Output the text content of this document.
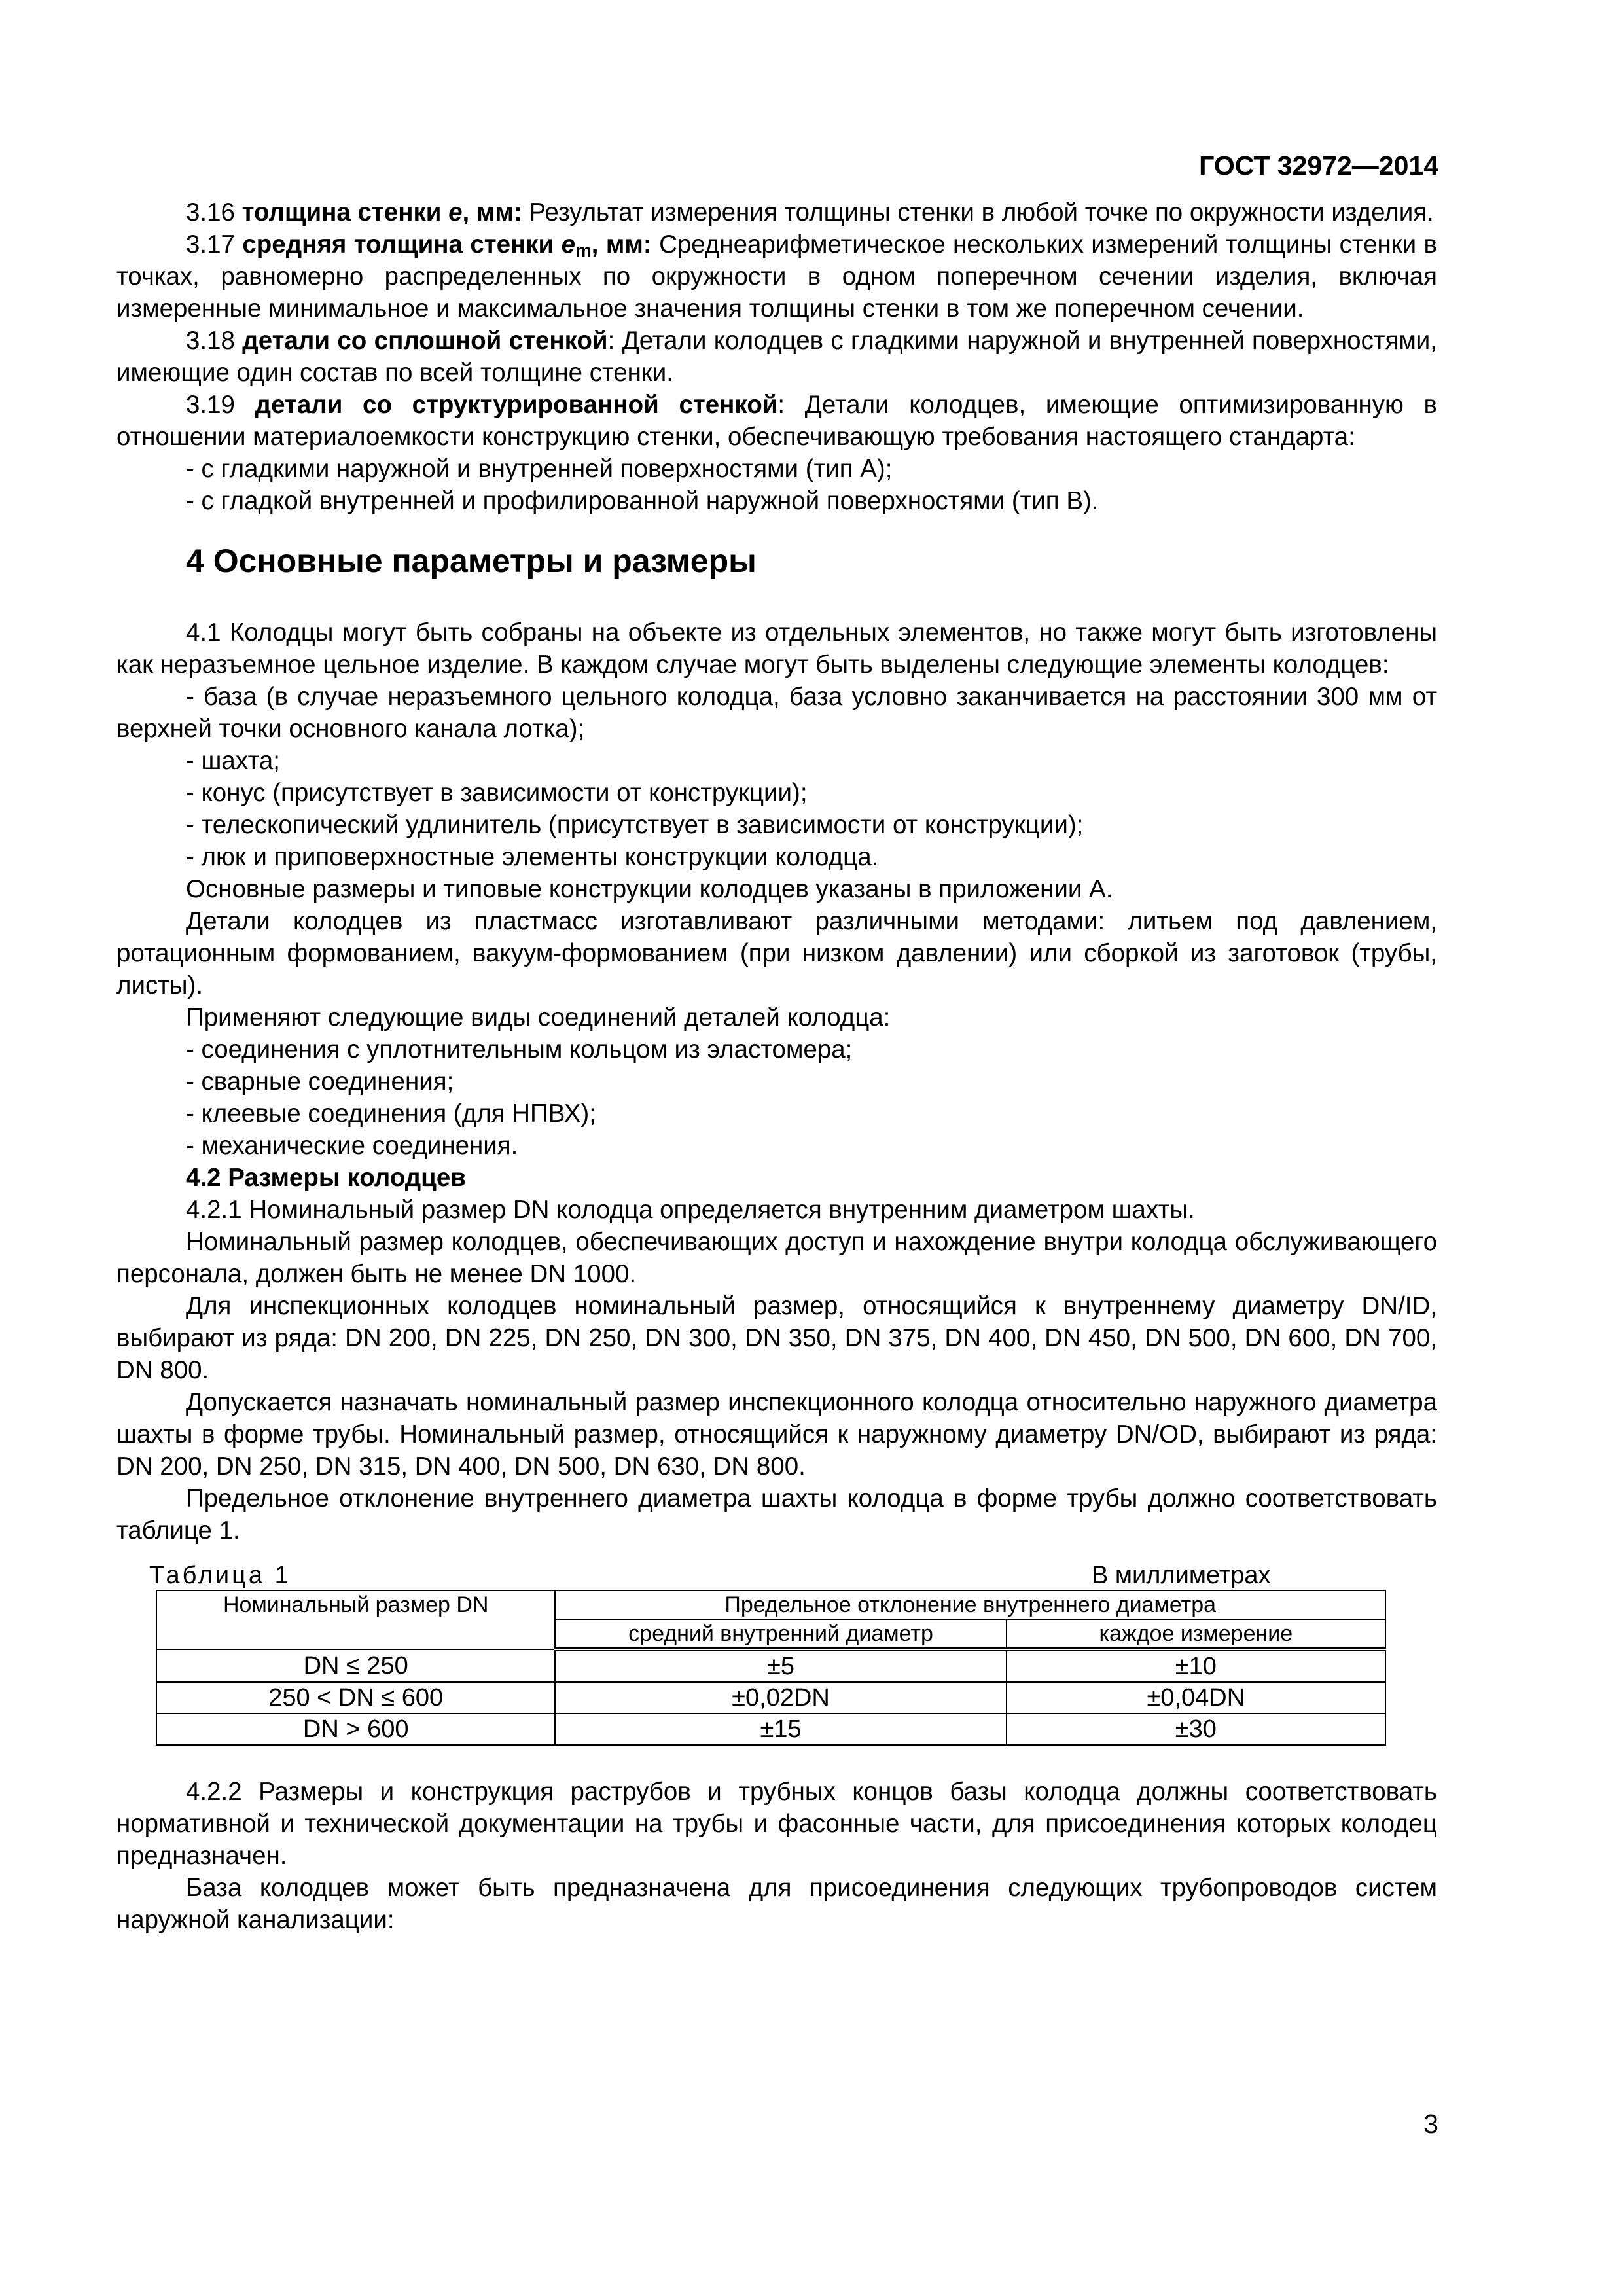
ГОСТ 32972—2014

3.16 толщина стенки e, мм: Результат измерения толщины стенки в любой точке по окружности изделия.

3.17 средняя толщина стенки $e_m$, мм: Среднеарифметическое нескольких измерений толщины стенки в точках, равномерно распределенных по окружности в одном поперечном сечении изделия, включая измеренные минимальное и максимальное значения толщины стенки в том же поперечном сечении.

3.18 детали со сплошной стенкой: Детали колодцев с гладкими наружной и внутренней поверхностями, имеющие один состав по всей толщине стенки.

3.19 детали со структурированной стенкой: Детали колодцев, имеющие оптимизированную в отношении материалоемкости конструкцию стенки, обеспечивающую требования настоящего стандарта:

- с гладкими наружной и внутренней поверхностями (тип А);

- с гладкой внутренней и профилированной наружной поверхностями (тип В).

4 Основные параметры и размеры

4.1 Колодцы могут быть собраны на объекте из отдельных элементов, но также могут быть изготовлены как неразъемное цельное изделие. В каждом случае могут быть выделены следующие элементы колодцев:

- база (в случае неразъемного цельного колодца, база условно заканчивается на расстоянии 300 мм от верхней точки основного канала лотка);

- шахта;

- конус (присутствует в зависимости от конструкции);

- телескопический удлинитель (присутствует в зависимости от конструкции);

- люк и приповерхностные элементы конструкции колодца.

Основные размеры и типовые конструкции колодцев указаны в приложении А.

Детали колодцев из пластмасс изготавливают различными методами: литьем под давлением, ротационным формованием, вакуум-формованием (при низком давлении) или сборкой из заготовок (трубы, листы).

Применяют следующие виды соединений деталей колодца:

- соединения с уплотнительным кольцом из эластомера;

- сварные соединения;

- клеевые соединения (для НПВХ);

- механические соединения.

4.2 Размеры колодцев

4.2.1 Номинальный размер DN колодца определяется внутренним диаметром шахты.

Номинальный размер колодцев, обеспечивающих доступ и нахождение внутри колодца обслуживающего персонала, должен быть не менее DN 1000.

Для инспекционных колодцев номинальный размер, относящийся к внутреннему диаметру DN/ID, выбирают из ряда: DN 200, DN 225, DN 250, DN 300, DN 350, DN 375, DN 400, DN 450, DN 500, DN 600, DN 700, DN 800.

Допускается назначать номинальный размер инспекционного колодца относительно наружного диаметра шахты в форме трубы. Номинальный размер, относящийся к наружному диаметру DN/OD, выбирают из ряда: DN 200, DN 250, DN 315, DN 400, DN 500, DN 630, DN 800.

Предельное отклонение внутреннего диаметра шахты колодца в форме трубы должно соответствовать таблице 1.

Таблица 1	В миллиметрах
Номинальный размер DN	Предельное отклонение внутреннего диаметра	
	средний внутренний диаметр	каждое измерение
DN ≤ 250	±5	±10
250 < DN ≤ 600	±0,02DN	±0,04DN
DN > 600	±15	±30

4.2.2 Размеры и конструкция раструбов и трубных концов базы колодца должны соответствовать нормативной и технической документации на трубы и фасонные части, для присоединения которых колодец предназначен.

База колодцев может быть предназначена для присоединения следующих трубопроводов систем наружной канализации:

3
